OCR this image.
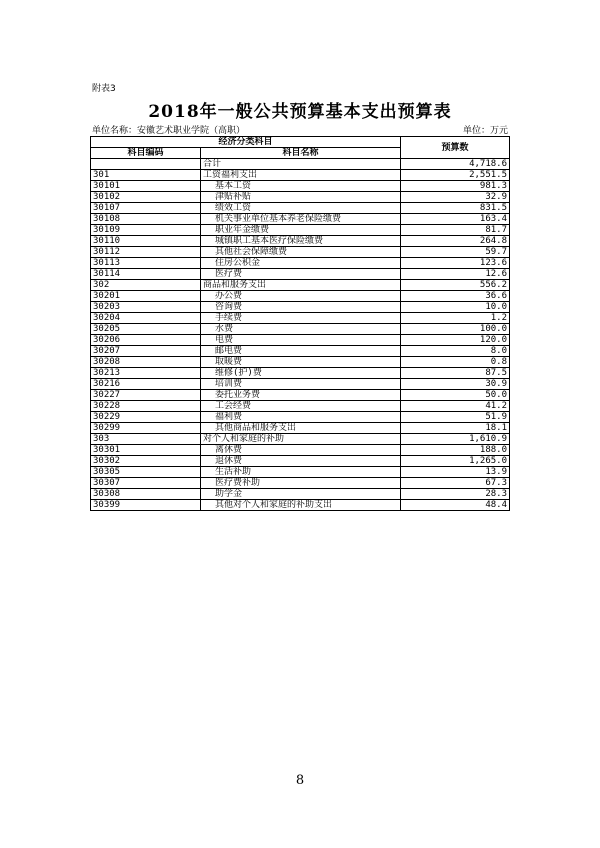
附表3
2018年一般公共预算基本支出预算表
单位名称：安徽艺术职业学院（高职）	单位：万元
经济分类科目		预算数
科目编码	科目名称	
	合计	4,718.6
301	工资福利支出	2,551.5
30101	基本工资	981.3
30102	津贴补贴	32.9
30107	绩效工资	831.5
30108	机关事业单位基本养老保险缴费	163.4
30109	职业年金缴费	81.7
30110	城镇职工基本医疗保险缴费	264.8
30112	其他社会保障缴费	59.7
30113	住房公积金	123.6
30114	医疗费	12.6
302	商品和服务支出	556.2
30201	办公费	36.6
30203	咨询费	10.0
30204	手续费	1.2
30205	水费	100.0
30206	电费	120.0
30207	邮电费	8.0
30208	取暖费	0.8
30213	维修(护)费	87.5
30216	培训费	30.9
30227	委托业务费	50.0
30228	工会经费	41.2
30229	福利费	51.9
30299	其他商品和服务支出	18.1
303	对个人和家庭的补助	1,610.9
30301	离休费	188.0
30302	退休费	1,265.0
30305	生活补助	13.9
30307	医疗费补助	67.3
30308	助学金	28.3
30399	其他对个人和家庭的补助支出	48.4
8
